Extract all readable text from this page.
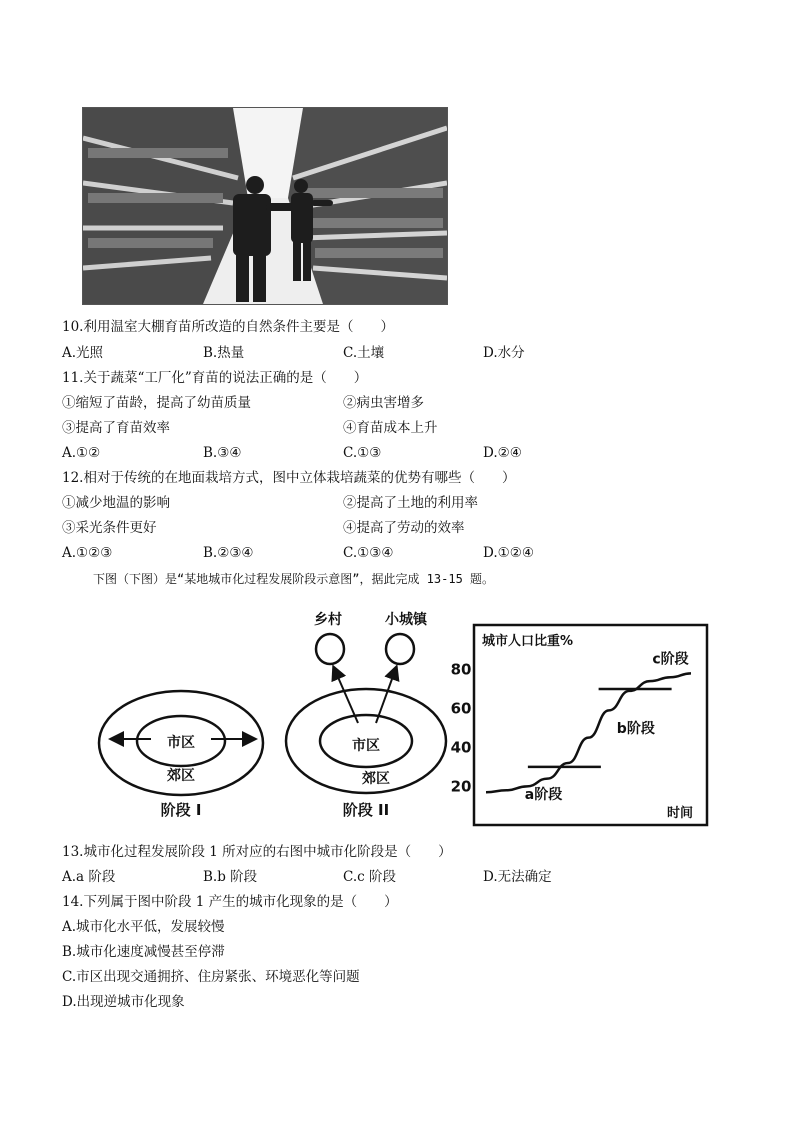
10.利用温室大棚育苗所改造的自然条件主要是（　　）
A.光照	B.热量	C.土壤	D.水分
11.关于蔬菜“工厂化”育苗的说法正确的是（　　）
①缩短了苗龄，提高了幼苗质量	②病虫害增多
③提高了育苗效率	④育苗成本上升
A.①②	B.③④	C.①③	D.②④
12.相对于传统的在地面栽培方式，图中立体栽培蔬菜的优势有哪些（　　）
①减少地温的影响	②提高了土地的利用率
③采光条件更好	④提高了劳动的效率
A.①②③	B.②③④	C.①③④	D.①②④
下图（下图）是“某地城市化过程发展阶段示意图”，据此完成 13-15 题。
市区
郊区
阶段 I
乡村	小城镇
市区
郊区
阶段 II
城市人口比重%
时间
20
40
60
80
a阶段
b阶段
c阶段
13.城市化过程发展阶段 1 所对应的右图中城市化阶段是（　　）
A.a 阶段	B.b 阶段	C.c 阶段	D.无法确定
14.下列属于图中阶段 1 产生的城市化现象的是（　　）
A.城市化水平低，发展较慢
B.城市化速度减慢甚至停滞
C.市区出现交通拥挤、住房紧张、环境恶化等问题
D.出现逆城市化现象
